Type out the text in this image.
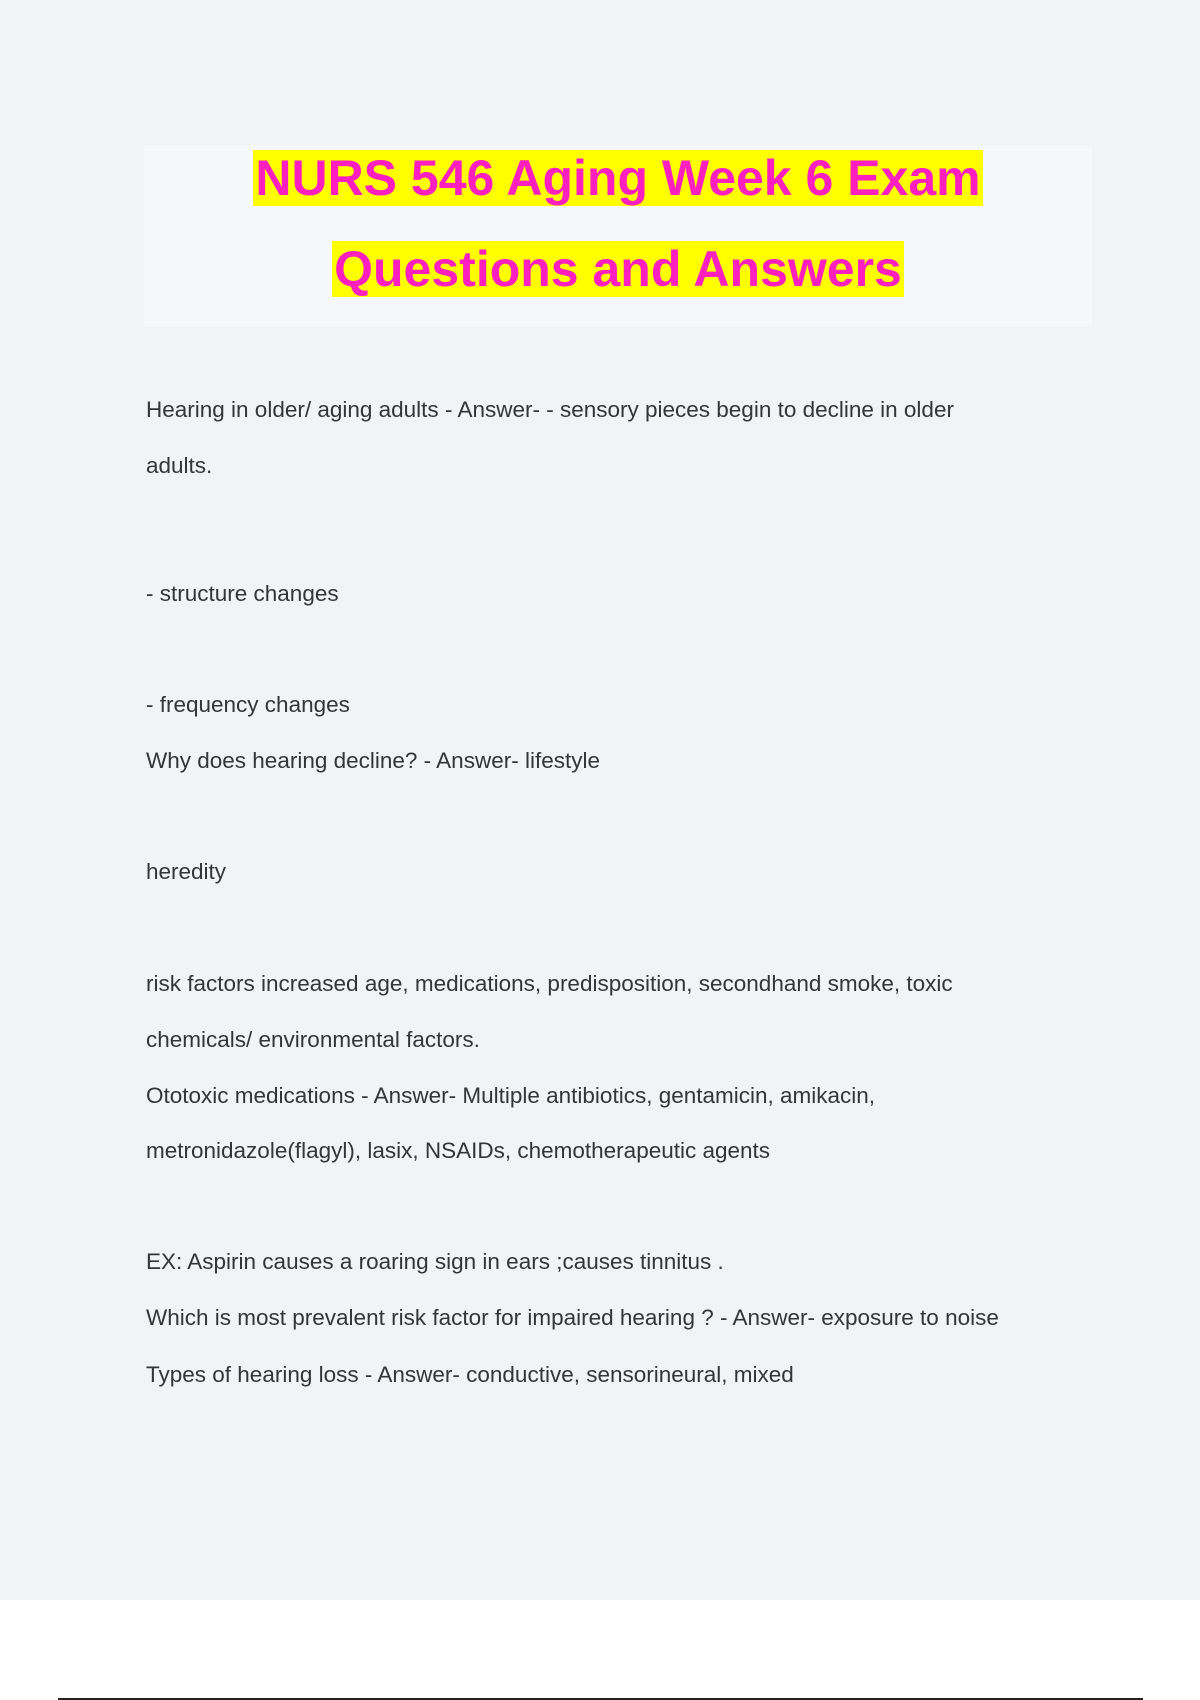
NURS 546 Aging Week 6 Exam
Questions and Answers
Hearing in older/ aging adults - Answer- - sensory pieces begin to decline in older
adults.
- structure changes
- frequency changes
Why does hearing decline? - Answer- lifestyle
heredity
risk factors increased age, medications, predisposition, secondhand smoke, toxic
chemicals/ environmental factors.
Ototoxic medications - Answer- Multiple antibiotics, gentamicin, amikacin,
metronidazole(flagyl), lasix, NSAIDs, chemotherapeutic agents
EX: Aspirin causes a roaring sign in ears ;causes tinnitus .
Which is most prevalent risk factor for impaired hearing ? - Answer- exposure to noise
Types of hearing loss - Answer- conductive, sensorineural, mixed
